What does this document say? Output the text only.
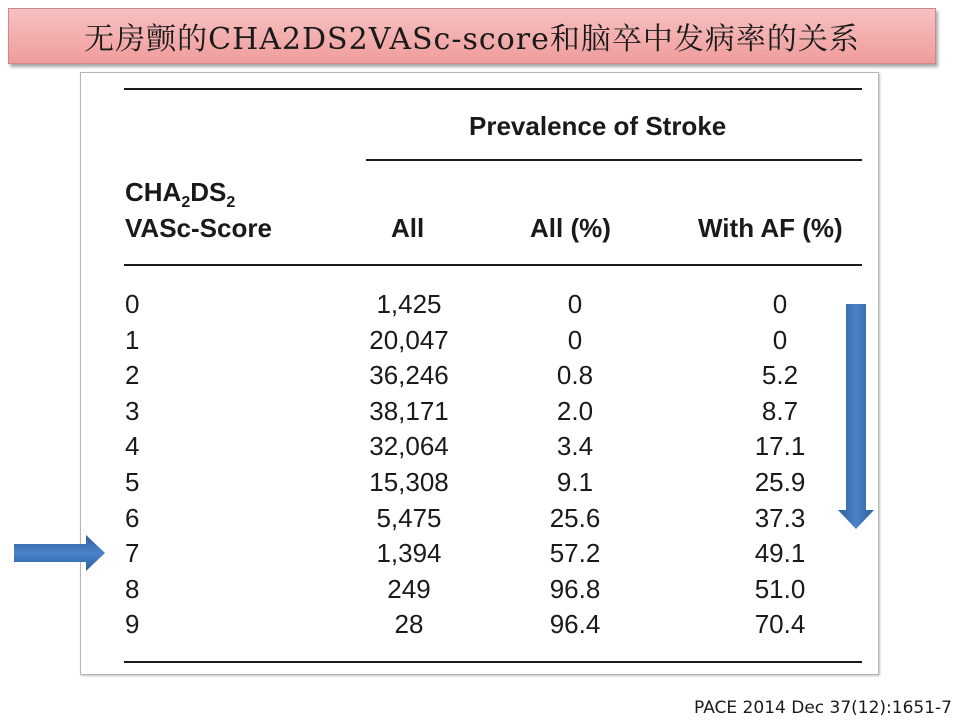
无房颤的CHA2DS2VASc-score和脑卒中发病率的关系
Prevalence of Stroke
$CHA_2DS_2$
VASc-Score	All	All (%)	With AF (%)
0	1,425	0	0
1	20,047	0	0
2	36,246	0.8	5.2
3	38,171	2.0	8.7
4	32,064	3.4	17.1
5	15,308	9.1	25.9
6	5,475	25.6	37.3
7	1,394	57.2	49.1
8	249	96.8	51.0
9	28	96.4	70.4
PACE 2014 Dec 37(12):1651-7
